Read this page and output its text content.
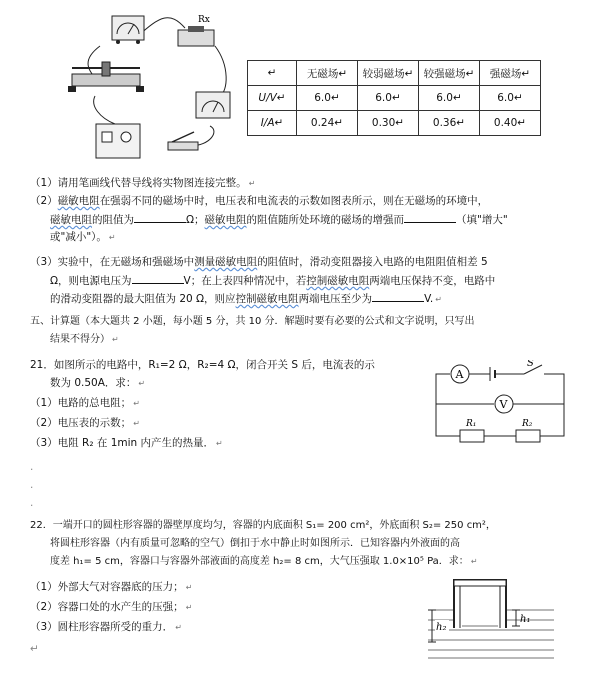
Rx
↵	无磁场↵	较弱磁场↵	较强磁场↵	强磁场↵
U/V↵	6.0↵	6.0↵	6.0↵	6.0↵
I/A↵	0.24↵	0.30↵	0.36↵	0.40↵
（1）请用笔画线代替导线将实物图连接完整。 ↵
（2）磁敏电阻在强弱不同的磁场中时，电压表和电流表的示数如图表所示，则在无磁场的环境中，
磁敏电阻的阻值为	Ω；磁敏电阻的阻值随所处环境的磁场的增强而	（填"增大"
或"减小"）。 ↵
（3）实验中，在无磁场和强磁场中测量磁敏电阻的阻值时，滑动变阻器接入电路的电阻阻值相差 5
Ω，则电源电压为	V；在上表四种情况中，若控制磁敏电阻两端电压保持不变，电路中
的滑动变阻器的最大阻值为 20 Ω，则应控制磁敏电阻两端电压至少为	V. ↵
五、计算题（本大题共 2 小题，每小题 5 分，共 10 分．解题时要有必要的公式和文字说明，只写出
结果不得分） ↵
21．如图所示的电路中，R₁=2 Ω，R₂=4 Ω，闭合开关 S 后，电流表的示
数为 0.50A．求： ↵
（1）电路的总电阻； ↵
（2）电压表的示数； ↵
（3）电阻 R₂ 在 1min 内产生的热量． ↵
.
.
.
A
S
V
R₁	R₂
22．一端开口的圆柱形容器的器壁厚度均匀，容器的内底面积 S₁= 200 cm²，外底面积 S₂= 250 cm²，
将圆柱形容器（内有质量可忽略的空气）倒扣于水中静止时如图所示．已知容器内外液面的高
度差 h₁= 5 cm，容器口与容器外部液面的高度差 h₂= 8 cm，大气压强取 1.0×10⁵ Pa．求： ↵
（1）外部大气对容器底的压力； ↵
（2）容器口处的水产生的压强； ↵
（3）圆柱形容器所受的重力． ↵
↵
h₁
h₂
